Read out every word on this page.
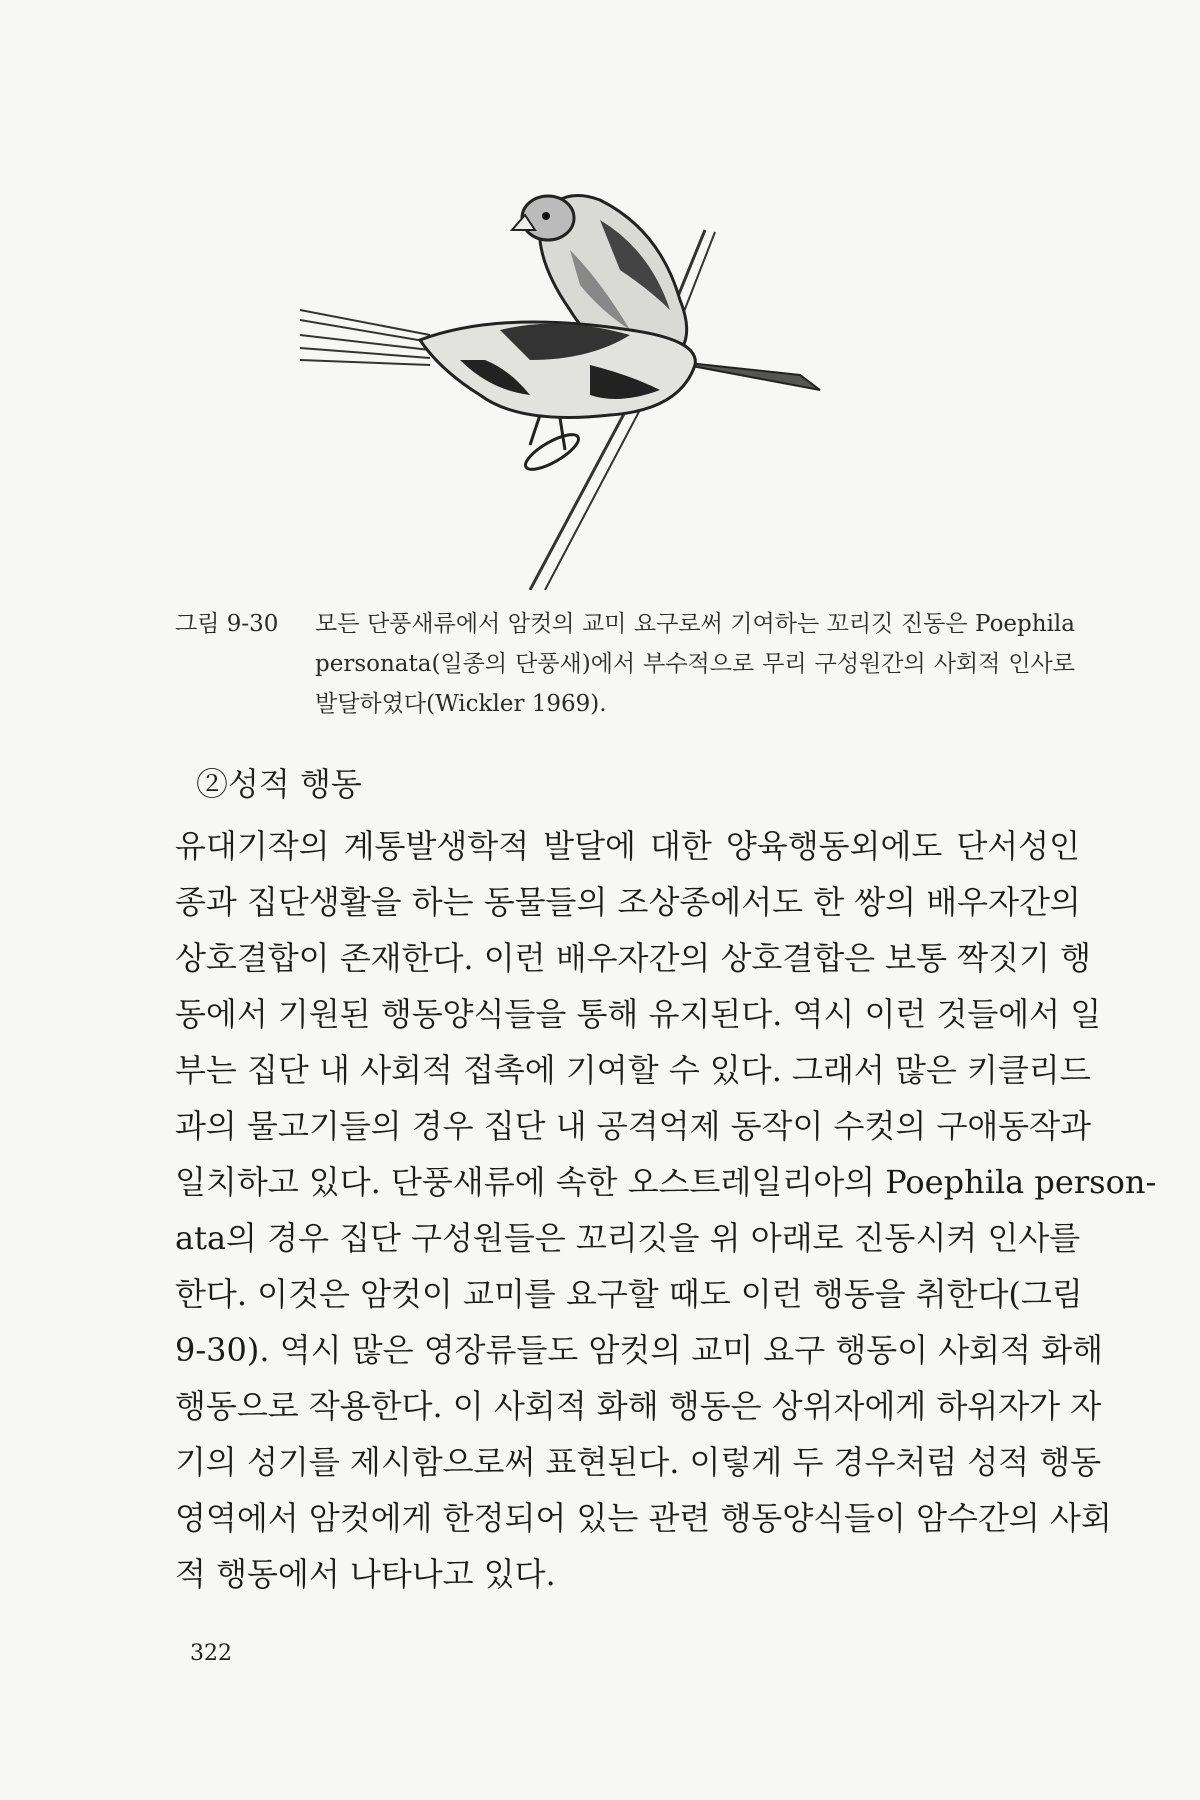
그림 9-30	모든 단풍새류에서 암컷의 교미 요구로써 기여하는 꼬리깃 진동은 Poephila personata(일종의 단풍새)에서 부수적으로 무리 구성원간의 사회적 인사로 발달하였다(Wickler 1969).
②성적 행동
유대기작의 계통발생학적 발달에 대한 양육행동외에도 단서성인
종과 집단생활을 하는 동물들의 조상종에서도 한 쌍의 배우자간의
상호결합이 존재한다. 이런 배우자간의 상호결합은 보통 짝짓기 행
동에서 기원된 행동양식들을 통해 유지된다. 역시 이런 것들에서 일
부는 집단 내 사회적 접촉에 기여할 수 있다. 그래서 많은 키클리드
과의 물고기들의 경우 집단 내 공격억제 동작이 수컷의 구애동작과
일치하고 있다. 단풍새류에 속한 오스트레일리아의 Poephila person-
ata의 경우 집단 구성원들은 꼬리깃을 위 아래로 진동시켜 인사를
한다. 이것은 암컷이 교미를 요구할 때도 이런 행동을 취한다(그림
9-30). 역시 많은 영장류들도 암컷의 교미 요구 행동이 사회적 화해
행동으로 작용한다. 이 사회적 화해 행동은 상위자에게 하위자가 자
기의 성기를 제시함으로써 표현된다. 이렇게 두 경우처럼 성적 행동
영역에서 암컷에게 한정되어 있는 관련 행동양식들이 암수간의 사회
적 행동에서 나타나고 있다.
322
